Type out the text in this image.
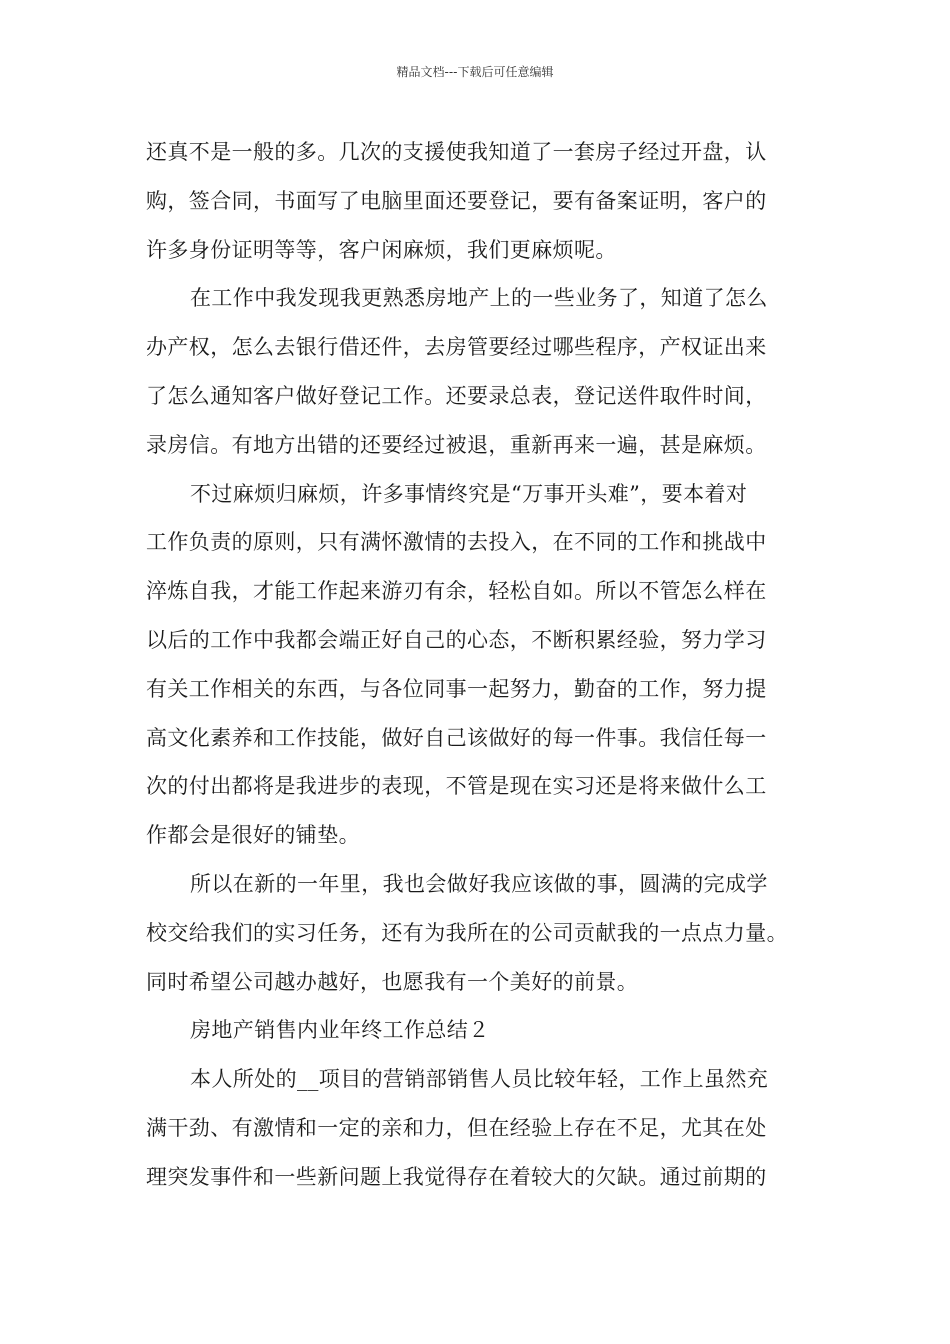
精品文档---下载后可任意编辑
还真不是一般的多。几次的支援使我知道了一套房子经过开盘，认
购，签合同，书面写了电脑里面还要登记，要有备案证明，客户的
许多身份证明等等，客户闲麻烦，我们更麻烦呢。
在工作中我发现我更熟悉房地产上的一些业务了，知道了怎么
办产权，怎么去银行借还件，去房管要经过哪些程序，产权证出来
了怎么通知客户做好登记工作。还要录总表，登记送件取件时间，
录房信。有地方出错的还要经过被退，重新再来一遍，甚是麻烦。
不过麻烦归麻烦，许多事情终究是“万事开头难”，要本着对
工作负责的原则，只有满怀激情的去投入，在不同的工作和挑战中
淬炼自我，才能工作起来游刃有余，轻松自如。所以不管怎么样在
以后的工作中我都会端正好自己的心态，不断积累经验，努力学习
有关工作相关的东西，与各位同事一起努力，勤奋的工作，努力提
高文化素养和工作技能，做好自己该做好的每一件事。我信任每一
次的付出都将是我进步的表现，不管是现在实习还是将来做什么工
作都会是很好的铺垫。
所以在新的一年里，我也会做好我应该做的事，圆满的完成学
校交给我们的实习任务，还有为我所在的公司贡献我的一点点力量。
同时希望公司越办越好，也愿我有一个美好的前景。
房地产销售内业年终工作总结２
本人所处的__项目的营销部销售人员比较年轻，工作上虽然充
满干劲、有激情和一定的亲和力，但在经验上存在不足，尤其在处
理突发事件和一些新问题上我觉得存在着较大的欠缺。通过前期的
